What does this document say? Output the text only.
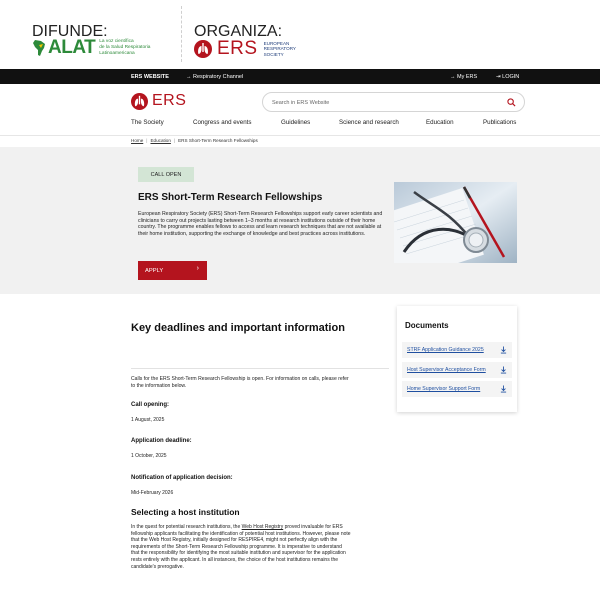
DIFUNDE:	ORGANIZA:
ALAT La voz científica
de la Salud Respiratoria
Latinoamericana	ERS EUROPEAN
RESPIRATORY
SOCIETY
ERS WEBSITE	→ Respiratory Channel	→ My ERS	⇥ LOGIN
ERS
Search in ERS Website
The Society	Congress and events	Guidelines	Science and research	Education	Publications
Home | Education | ERS Short-Term Research Fellowships
CALL OPEN
ERS Short-Term Research Fellowships
European Respiratory Society (ERS) Short-Term Research Fellowships support early career scientists and clinicians to carry out projects lasting between 1–3 months at research institutions outside of their home country. The programme enables fellows to access and learn research techniques that are not available at their home institution, supporting the exchange of knowledge and best practices across institutions.
APPLY	›
Key deadlines and important information
Calls for the ERS Short-Term Research Fellowship is open. For information on calls, please refer to the information below.
Call opening:
1 August, 2025
Application deadline:
1 October, 2025
Notification of application decision:
Mid-February 2026
Selecting a host institution
In the quest for potential research institutions, the Web Host Registry proved invaluable for ERS fellowship applicants facilitating the identification of potential host institutions. However, please note that the Web Host Registry, initially designed for RESPIRE4, might not perfectly align with the requirements of the Short-Term Research Fellowship programme. It is imperative to understand that the responsibility for identifying the most suitable institution and supervisor for the application rests entirely with the applicant. In all instances, the choice of the host institutions remains the candidate's prerogative.
Documents
STRF Application Guidance 2025
Host Supervisor Acceptance Form
Home Supervisor Support Form
